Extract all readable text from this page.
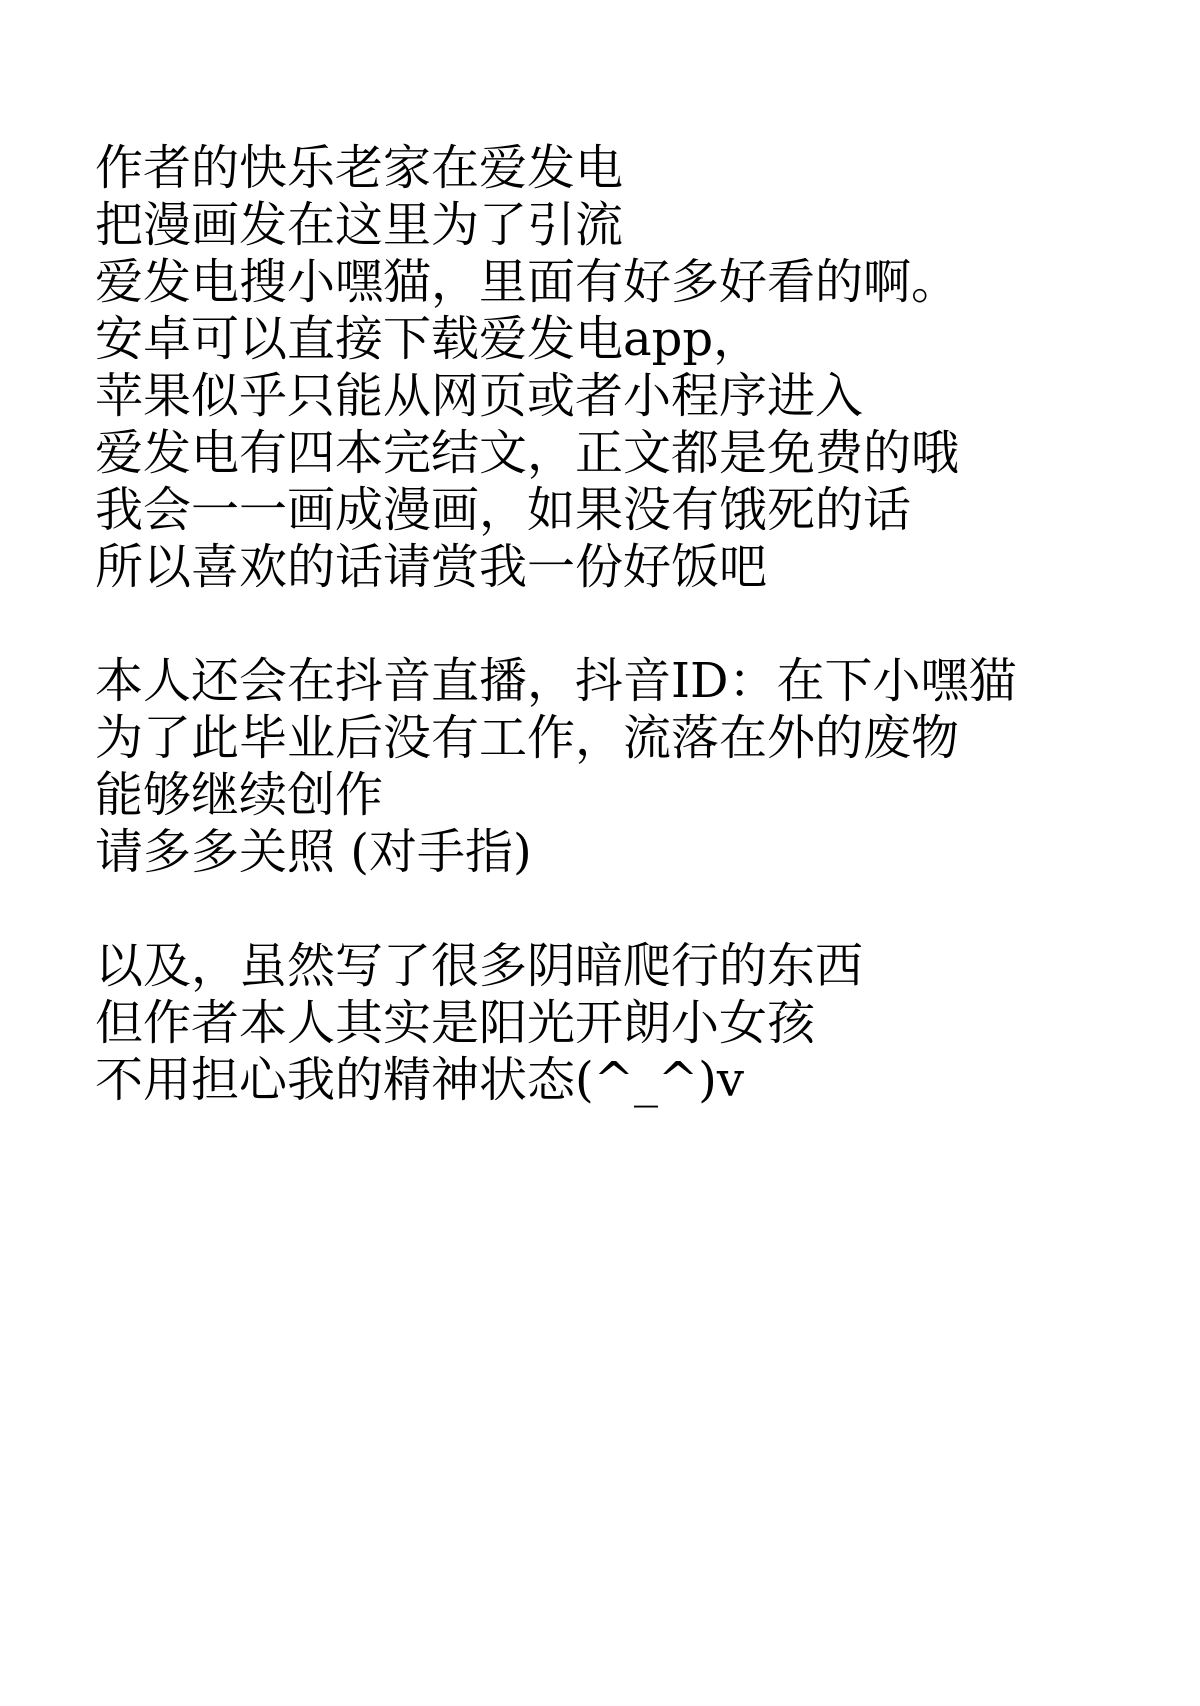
作者的快乐老家在爱发电
把漫画发在这里为了引流
爱发电搜小嘿猫，里面有好多好看的啊。
安卓可以直接下载爱发电app，
苹果似乎只能从网页或者小程序进入
爱发电有四本完结文，正文都是免费的哦
我会一一画成漫画，如果没有饿死的话
所以喜欢的话请赏我一份好饭吧
本人还会在抖音直播，抖音ID：在下小嘿猫
为了此毕业后没有工作，流落在外的废物
能够继续创作
请多多关照 (对手指)
以及，虽然写了很多阴暗爬行的东西
但作者本人其实是阳光开朗小女孩
不用担心我的精神状态(^_^)v
